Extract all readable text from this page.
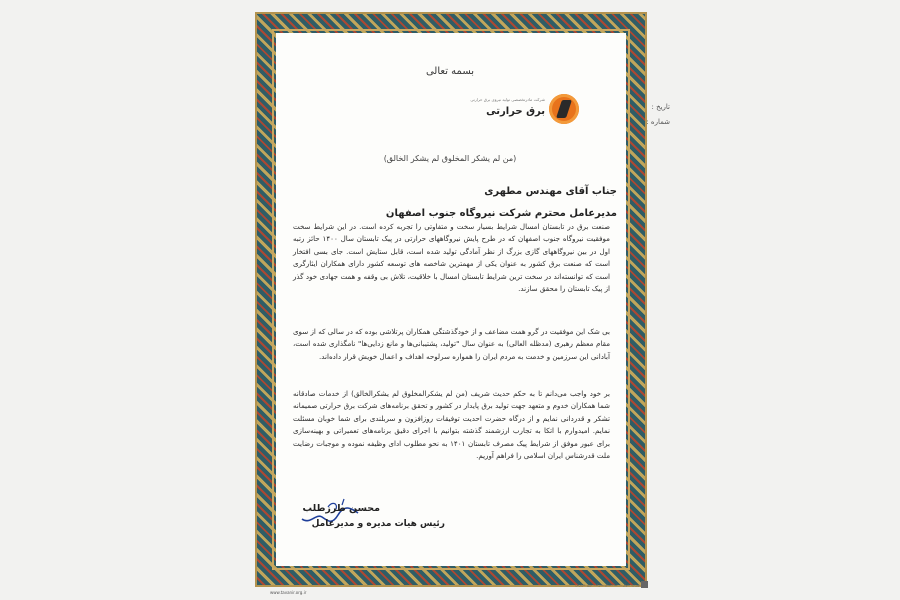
بسمه تعالی
تاریخ :
شماره :
شرکت مادرتخصصی تولید نیروی برق حرارتی
برق حرارتی
(من لم یشکر المخلوق لم یشکر الخالق)
جناب آقای مهندس مطهری
مدیرعامل محترم شرکت نیروگاه جنوب اصفهان
صنعت برق در تابستان امسال شرایط بسیار سخت و متفاوتی را تجربه کرده است. در این شرایط سخت موفقیت نیروگاه جنوب اصفهان که در طرح پایش نیروگاههای حرارتی در پیک تابستان سال ۱۴۰۰ حائز رتبه اول در بین نیروگاههای گازی بزرگ از نظر آمادگی تولید شده است، قابل ستایش است. جای بسی افتخار است که صنعت برق کشور به عنوان یکی از مهمترین شاخصه های توسعه کشور دارای همکاران ایثارگری است که توانسته‌اند در سخت ترین شرایط تابستان امسال با خلاقیت، تلاش بی وقفه و همت جهادی خود گذر از پیک تابستان را محقق سازند.
بی شک این موفقیت در گرو همت مضاعف و از خودگذشتگی همکاران پرتلاشی بوده که در سالی که از سوی مقام معظم رهبری (مدظله العالی) به عنوان سال "تولید، پشتیبانی‌ها و مانع زدایی‌ها" نامگذاری شده است، آبادانی این سرزمین و خدمت به مردم ایران را همواره سرلوحه اهداف و اعمال خویش قرار داده‌اند.
بر خود واجب می‌دانم تا به حکم حدیث شریف (من لم یشکرالمخلوق لم یشکرالخالق) از خدمات صادقانه شما همکاران خدوم و متعهد جهت تولید برق پایدار در کشور و تحقق برنامه‌های شرکت برق حرارتی صمیمانه تشکر و قدردانی نمایم و از درگاه حضرت احدیت توفیقات روزافزون و سربلندی برای شما خوبان مسئلت نمایم. امیدوارم با اتکا به تجارب ارزشمند گذشته بتوانیم با اجرای دقیق برنامه‌های تعمیراتی و بهینه‌سازی برای عبور موفق از شرایط پیک مصرف تابستان ۱۴۰۱ به نحو مطلوب ادای وظیفه نموده و موجبات رضایت ملت قدرشناس ایران اسلامی را فراهم آوریم.
محسن طرزطلب
رئیس هیات مدیره و مدیرعامل
www.tavanir.org.ir
تهران، بلوار ... ساختمان شرکت برق حرارتی
